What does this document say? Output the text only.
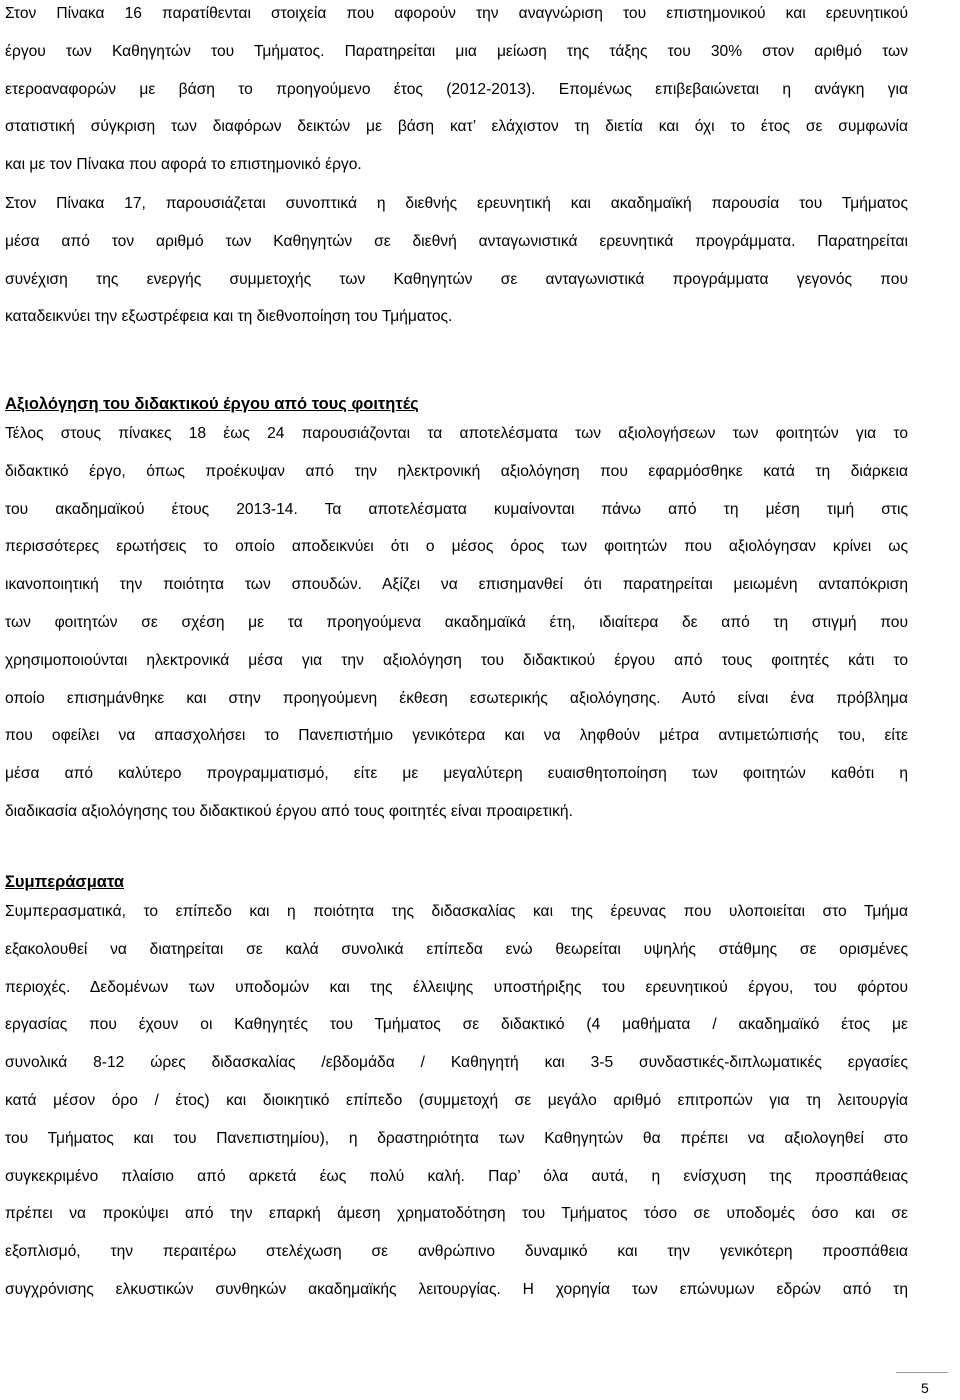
Στον Πίνακα 16 παρατίθενται στοιχεία που αφορούν την αναγνώριση του επιστημονικού και ερευνητικού
έργου των Καθηγητών του Τμήματος. Παρατηρείται μια μείωση της τάξης του 30% στον αριθμό των
ετεροαναφορών με βάση το προηγούμενο έτος (2012-2013). Επομένως επιβεβαιώνεται η ανάγκη για
στατιστική σύγκριση των διαφόρων δεικτών με βάση κατ’ ελάχιστον τη διετία και όχι το έτος σε συμφωνία
και με τον Πίνακα που αφορά το επιστημονικό έργο.
Στον Πίνακα 17, παρουσιάζεται συνοπτικά η διεθνής ερευνητική και ακαδημαϊκή παρουσία του Τμήματος
μέσα από τον αριθμό των Καθηγητών σε διεθνή ανταγωνιστικά ερευνητικά προγράμματα. Παρατηρείται
συνέχιση της ενεργής συμμετοχής των Καθηγητών σε ανταγωνιστικά προγράμματα γεγονός που
καταδεικνύει την εξωστρέφεια και τη διεθνοποίηση του Τμήματος.
Αξιολόγηση του διδακτικού έργου από τους φοιτητές
Τέλος στους πίνακες 18 έως 24 παρουσιάζονται τα αποτελέσματα των αξιολογήσεων των φοιτητών για το
διδακτικό έργο, όπως προέκυψαν από την ηλεκτρονική αξιολόγηση που εφαρμόσθηκε κατά τη διάρκεια
του ακαδημαϊκού έτους 2013-14. Τα αποτελέσματα κυμαίνονται πάνω από τη μέση τιμή στις
περισσότερες ερωτήσεις το οποίο αποδεικνύει ότι ο μέσος όρος των φοιτητών που αξιολόγησαν κρίνει ως
ικανοποιητική την ποιότητα των σπουδών. Αξίζει να επισημανθεί ότι παρατηρείται μειωμένη ανταπόκριση
των φοιτητών σε σχέση με τα προηγούμενα ακαδημαϊκά έτη, ιδιαίτερα δε από τη στιγμή που
χρησιμοποιούνται ηλεκτρονικά μέσα για την αξιολόγηση του διδακτικού έργου από τους φοιτητές κάτι το
οποίο επισημάνθηκε και στην προηγούμενη έκθεση εσωτερικής αξιολόγησης. Αυτό είναι ένα πρόβλημα
που οφείλει να απασχολήσει το Πανεπιστήμιο γενικότερα και να ληφθούν μέτρα αντιμετώπισής του, είτε
μέσα από καλύτερο προγραμματισμό, είτε με μεγαλύτερη ευαισθητοποίηση των φοιτητών καθότι η
διαδικασία αξιολόγησης του διδακτικού έργου από τους φοιτητές είναι προαιρετική.
Συμπεράσματα
Συμπερασματικά, το επίπεδο και η ποιότητα της διδασκαλίας και της έρευνας που υλοποιείται στο Τμήμα
εξακολουθεί να διατηρείται σε καλά συνολικά επίπεδα ενώ θεωρείται υψηλής στάθμης σε ορισμένες
περιοχές. Δεδομένων των υποδομών και της έλλειψης υποστήριξης του ερευνητικού έργου, του φόρτου
εργασίας που έχουν οι Καθηγητές του Τμήματος σε διδακτικό (4 μαθήματα / ακαδημαϊκό έτος με
συνολικά 8-12 ώρες διδασκαλίας /εβδομάδα / Καθηγητή και 3-5 συνδαστικές-διπλωματικές εργασίες
κατά μέσον όρο / έτος) και διοικητικό επίπεδο (συμμετοχή σε μεγάλο αριθμό επιτροπών για τη λειτουργία
του Τμήματος και του Πανεπιστημίου), η δραστηριότητα των Καθηγητών θα πρέπει να αξιολογηθεί στο
συγκεκριμένο πλαίσιο από αρκετά έως πολύ καλή. Παρ’ όλα αυτά, η ενίσχυση της προσπάθειας
πρέπει να προκύψει από την επαρκή άμεση χρηματοδότηση του Τμήματος τόσο σε υποδομές όσο και σε
εξοπλισμό, την περαιτέρω στελέχωση σε ανθρώπινο δυναμικό και την γενικότερη προσπάθεια
συγχρόνισης ελκυστικών συνθηκών ακαδημαϊκής λειτουργίας. Η χορηγία των επώνυμων εδρών από τη
5
